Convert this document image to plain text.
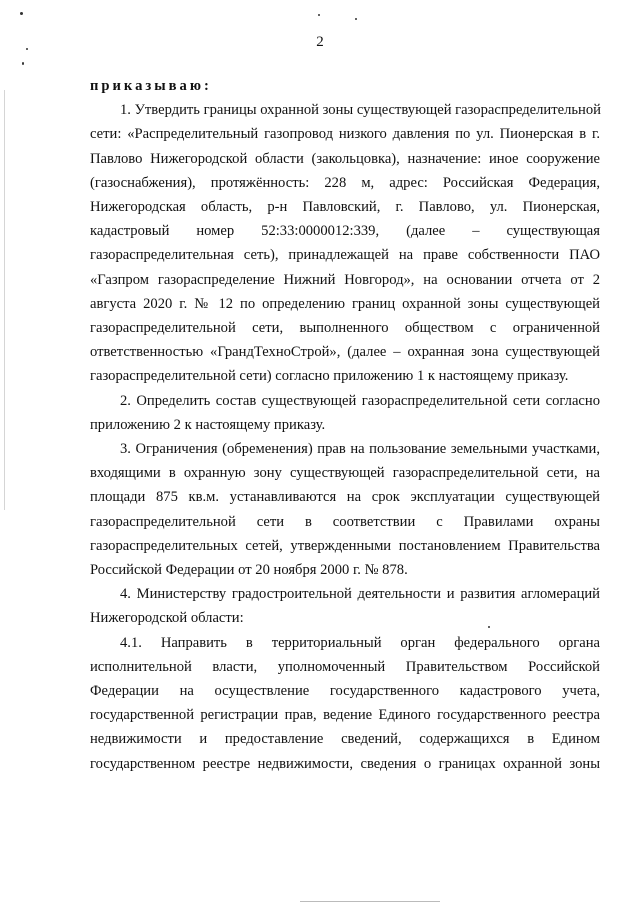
2

приказываю:

1. Утвердить границы охранной зоны существующей газораспределительной

сети: «Распределительный газопровод низкого давления по ул. Пионерская в г.

Павлово Нижегородской области (закольцовка), назначение: иное сооружение

(газоснабжения), протяжённость: 228 м, адрес: Российская Федерация,

Нижегородская область, р-н Павловский, г. Павлово, ул. Пионерская,

кадастровый номер 52:33:0000012:339, (далее – существующая

газораспределительная сеть), принадлежащей на праве собственности ПАО

«Газпром газораспределение Нижний Новгород», на основании отчета от 2

августа 2020 г. № 12 по определению границ охранной зоны существующей

газораспределительной сети, выполненного обществом с ограниченной

ответственностью «ГрандТехноСтрой», (далее – охранная зона существующей

газораспределительной сети) согласно приложению 1 к настоящему приказу.

2. Определить состав существующей газораспределительной сети согласно

приложению 2 к настоящему приказу.

3. Ограничения (обременения) прав на пользование земельными участками,

входящими в охранную зону существующей газораспределительной сети, на

площади 875 кв.м. устанавливаются на срок эксплуатации существующей

газораспределительной сети в соответствии с Правилами охраны

газораспределительных сетей, утвержденными постановлением Правительства

Российской Федерации от 20 ноября 2000 г. № 878.

4. Министерству градостроительной деятельности и развития агломераций

Нижегородской области:

4.1. Направить в территориальный орган федерального органа

исполнительной власти, уполномоченный Правительством Российской

Федерации на осуществление государственного кадастрового учета,

государственной регистрации прав, ведение Единого государственного реестра

недвижимости и предоставление сведений, содержащихся в Едином

государственном реестре недвижимости, сведения о границах охранной зоны
